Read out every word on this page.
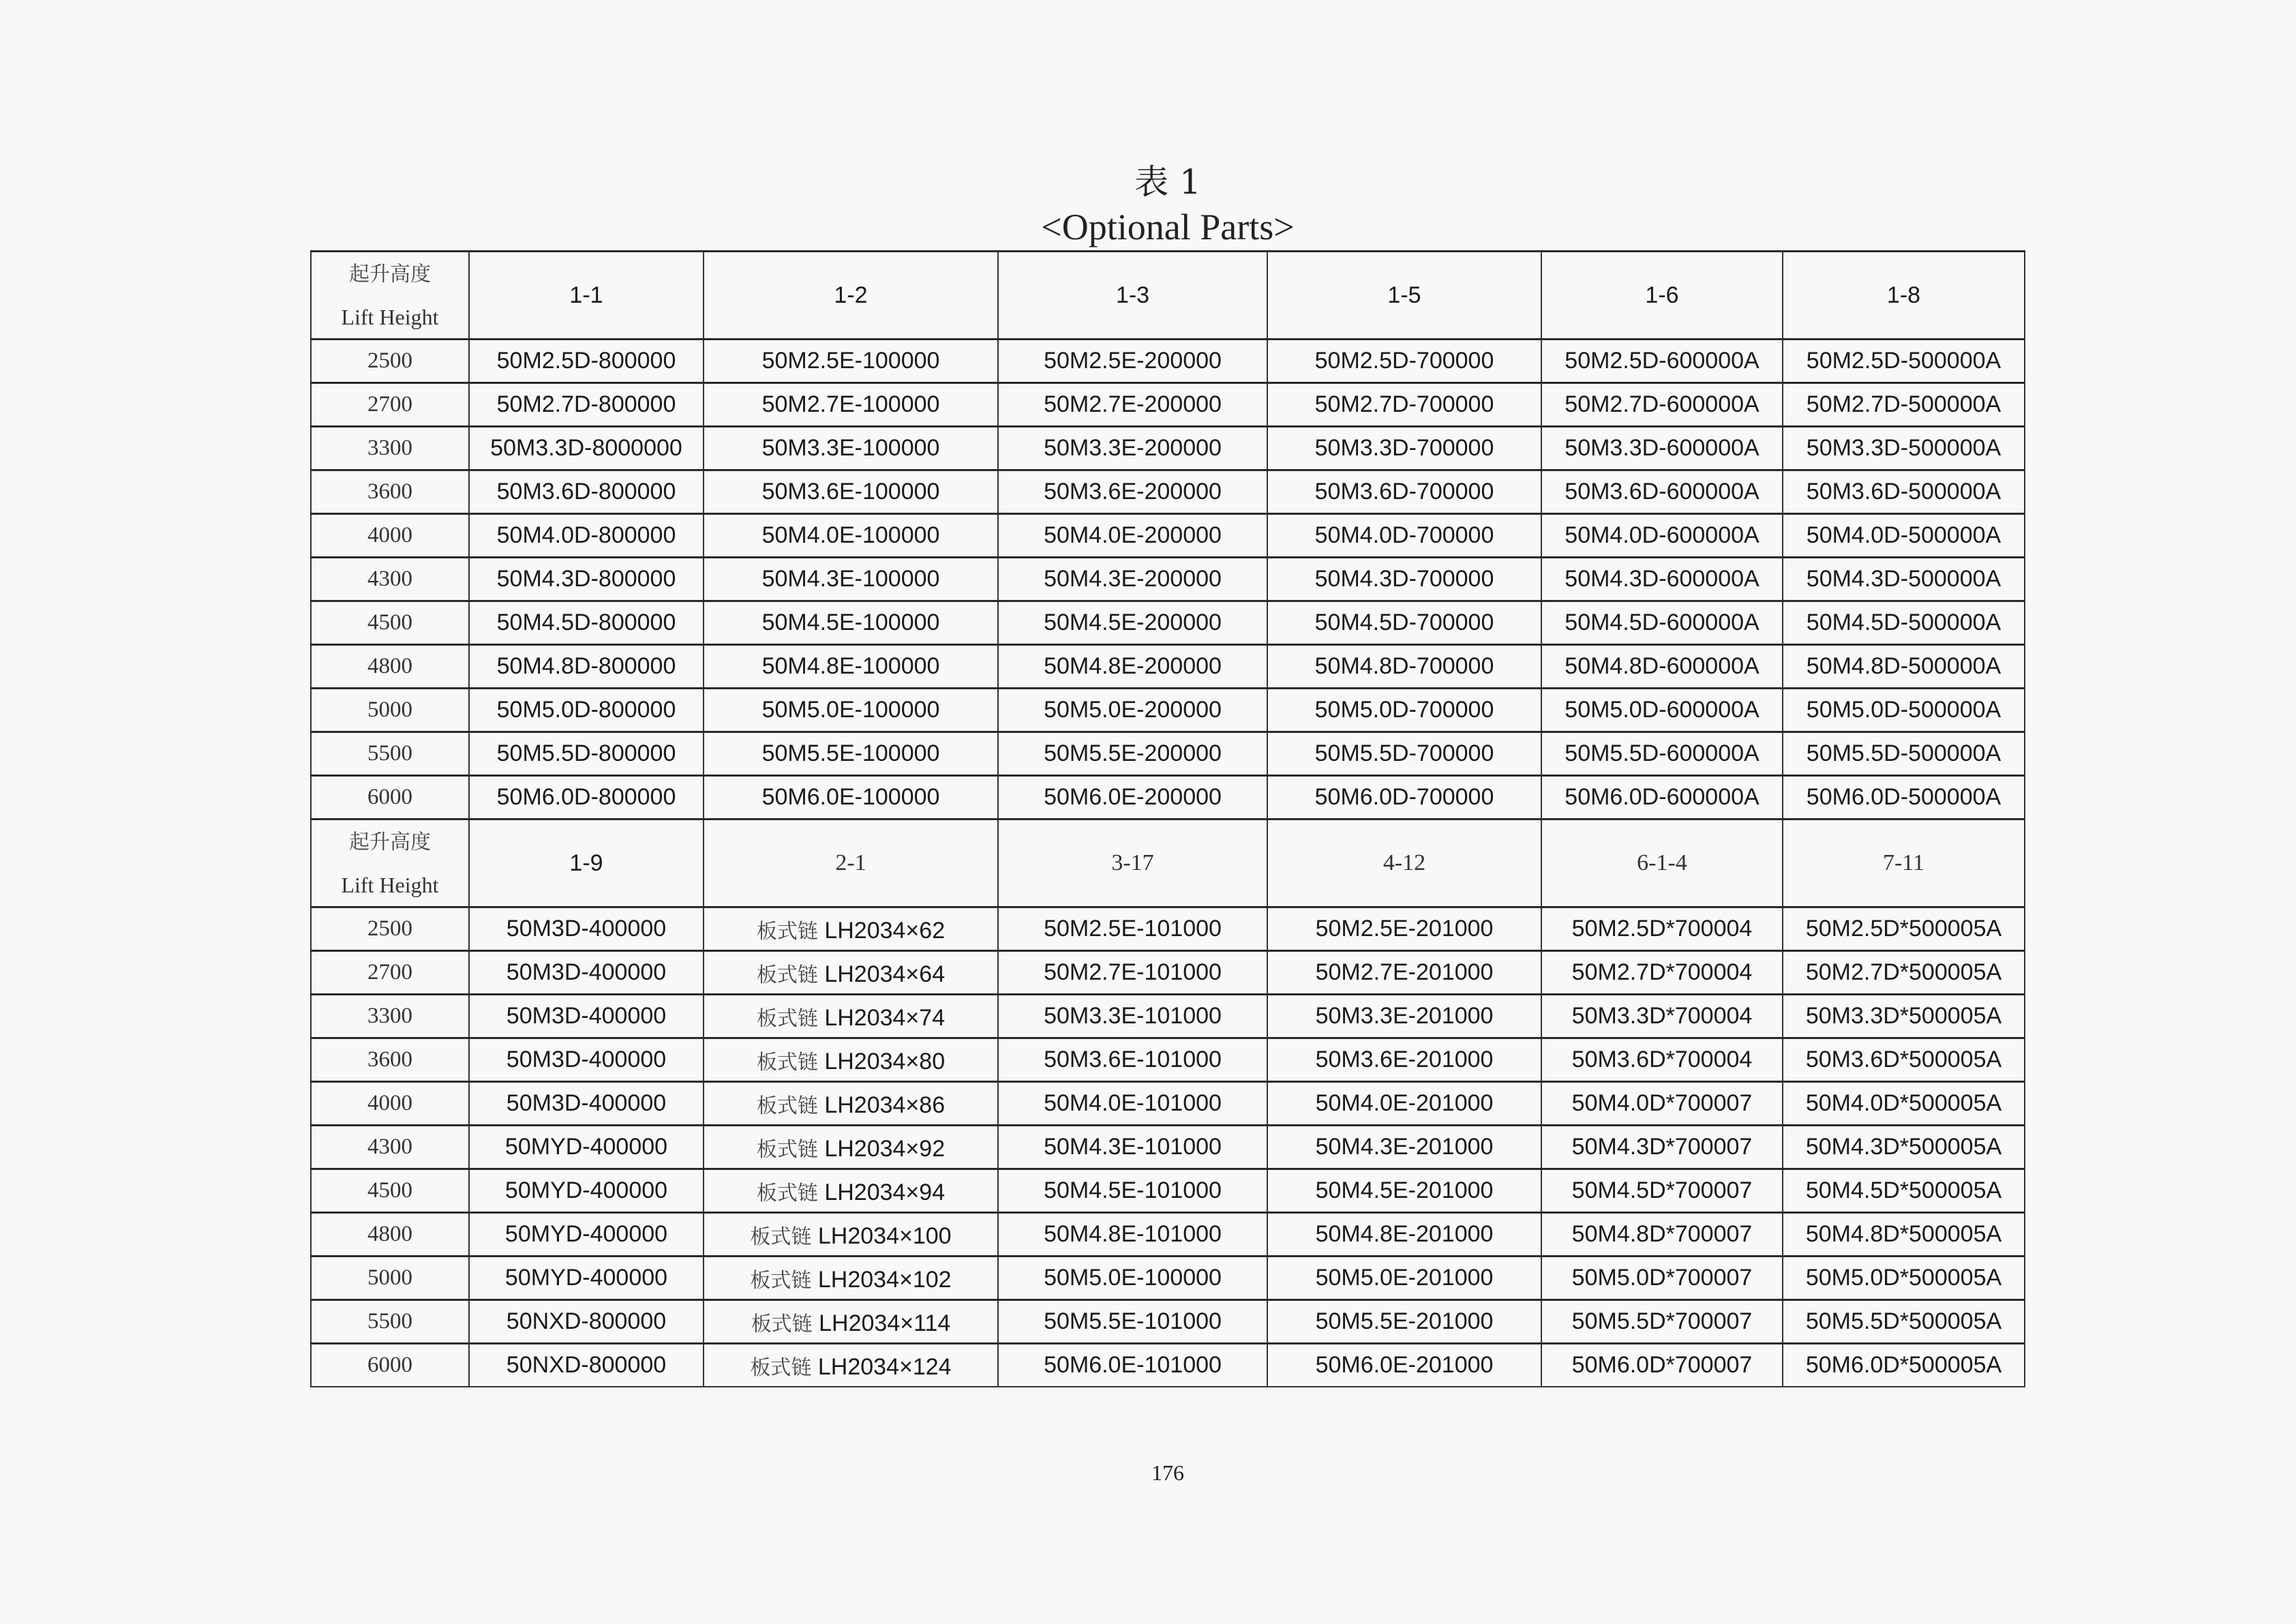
表 1
<Optional Parts>
起升高度
Lift Height	1-1	1-2	1-3	1-5	1-6	1-8
2500	50M2.5D-800000	50M2.5E-100000	50M2.5E-200000	50M2.5D-700000	50M2.5D-600000A	50M2.5D-500000A
2700	50M2.7D-800000	50M2.7E-100000	50M2.7E-200000	50M2.7D-700000	50M2.7D-600000A	50M2.7D-500000A
3300	50M3.3D-8000000	50M3.3E-100000	50M3.3E-200000	50M3.3D-700000	50M3.3D-600000A	50M3.3D-500000A
3600	50M3.6D-800000	50M3.6E-100000	50M3.6E-200000	50M3.6D-700000	50M3.6D-600000A	50M3.6D-500000A
4000	50M4.0D-800000	50M4.0E-100000	50M4.0E-200000	50M4.0D-700000	50M4.0D-600000A	50M4.0D-500000A
4300	50M4.3D-800000	50M4.3E-100000	50M4.3E-200000	50M4.3D-700000	50M4.3D-600000A	50M4.3D-500000A
4500	50M4.5D-800000	50M4.5E-100000	50M4.5E-200000	50M4.5D-700000	50M4.5D-600000A	50M4.5D-500000A
4800	50M4.8D-800000	50M4.8E-100000	50M4.8E-200000	50M4.8D-700000	50M4.8D-600000A	50M4.8D-500000A
5000	50M5.0D-800000	50M5.0E-100000	50M5.0E-200000	50M5.0D-700000	50M5.0D-600000A	50M5.0D-500000A
5500	50M5.5D-800000	50M5.5E-100000	50M5.5E-200000	50M5.5D-700000	50M5.5D-600000A	50M5.5D-500000A
6000	50M6.0D-800000	50M6.0E-100000	50M6.0E-200000	50M6.0D-700000	50M6.0D-600000A	50M6.0D-500000A
起升高度
Lift Height	1-9	2-1	3-17	4-12	6-1-4	7-11
2500	50M3D-400000	板式链 LH2034×62	50M2.5E-101000	50M2.5E-201000	50M2.5D*700004	50M2.5D*500005A
2700	50M3D-400000	板式链 LH2034×64	50M2.7E-101000	50M2.7E-201000	50M2.7D*700004	50M2.7D*500005A
3300	50M3D-400000	板式链 LH2034×74	50M3.3E-101000	50M3.3E-201000	50M3.3D*700004	50M3.3D*500005A
3600	50M3D-400000	板式链 LH2034×80	50M3.6E-101000	50M3.6E-201000	50M3.6D*700004	50M3.6D*500005A
4000	50M3D-400000	板式链 LH2034×86	50M4.0E-101000	50M4.0E-201000	50M4.0D*700007	50M4.0D*500005A
4300	50MYD-400000	板式链 LH2034×92	50M4.3E-101000	50M4.3E-201000	50M4.3D*700007	50M4.3D*500005A
4500	50MYD-400000	板式链 LH2034×94	50M4.5E-101000	50M4.5E-201000	50M4.5D*700007	50M4.5D*500005A
4800	50MYD-400000	板式链 LH2034×100	50M4.8E-101000	50M4.8E-201000	50M4.8D*700007	50M4.8D*500005A
5000	50MYD-400000	板式链 LH2034×102	50M5.0E-100000	50M5.0E-201000	50M5.0D*700007	50M5.0D*500005A
5500	50NXD-800000	板式链 LH2034×114	50M5.5E-101000	50M5.5E-201000	50M5.5D*700007	50M5.5D*500005A
6000	50NXD-800000	板式链 LH2034×124	50M6.0E-101000	50M6.0E-201000	50M6.0D*700007	50M6.0D*500005A
176
